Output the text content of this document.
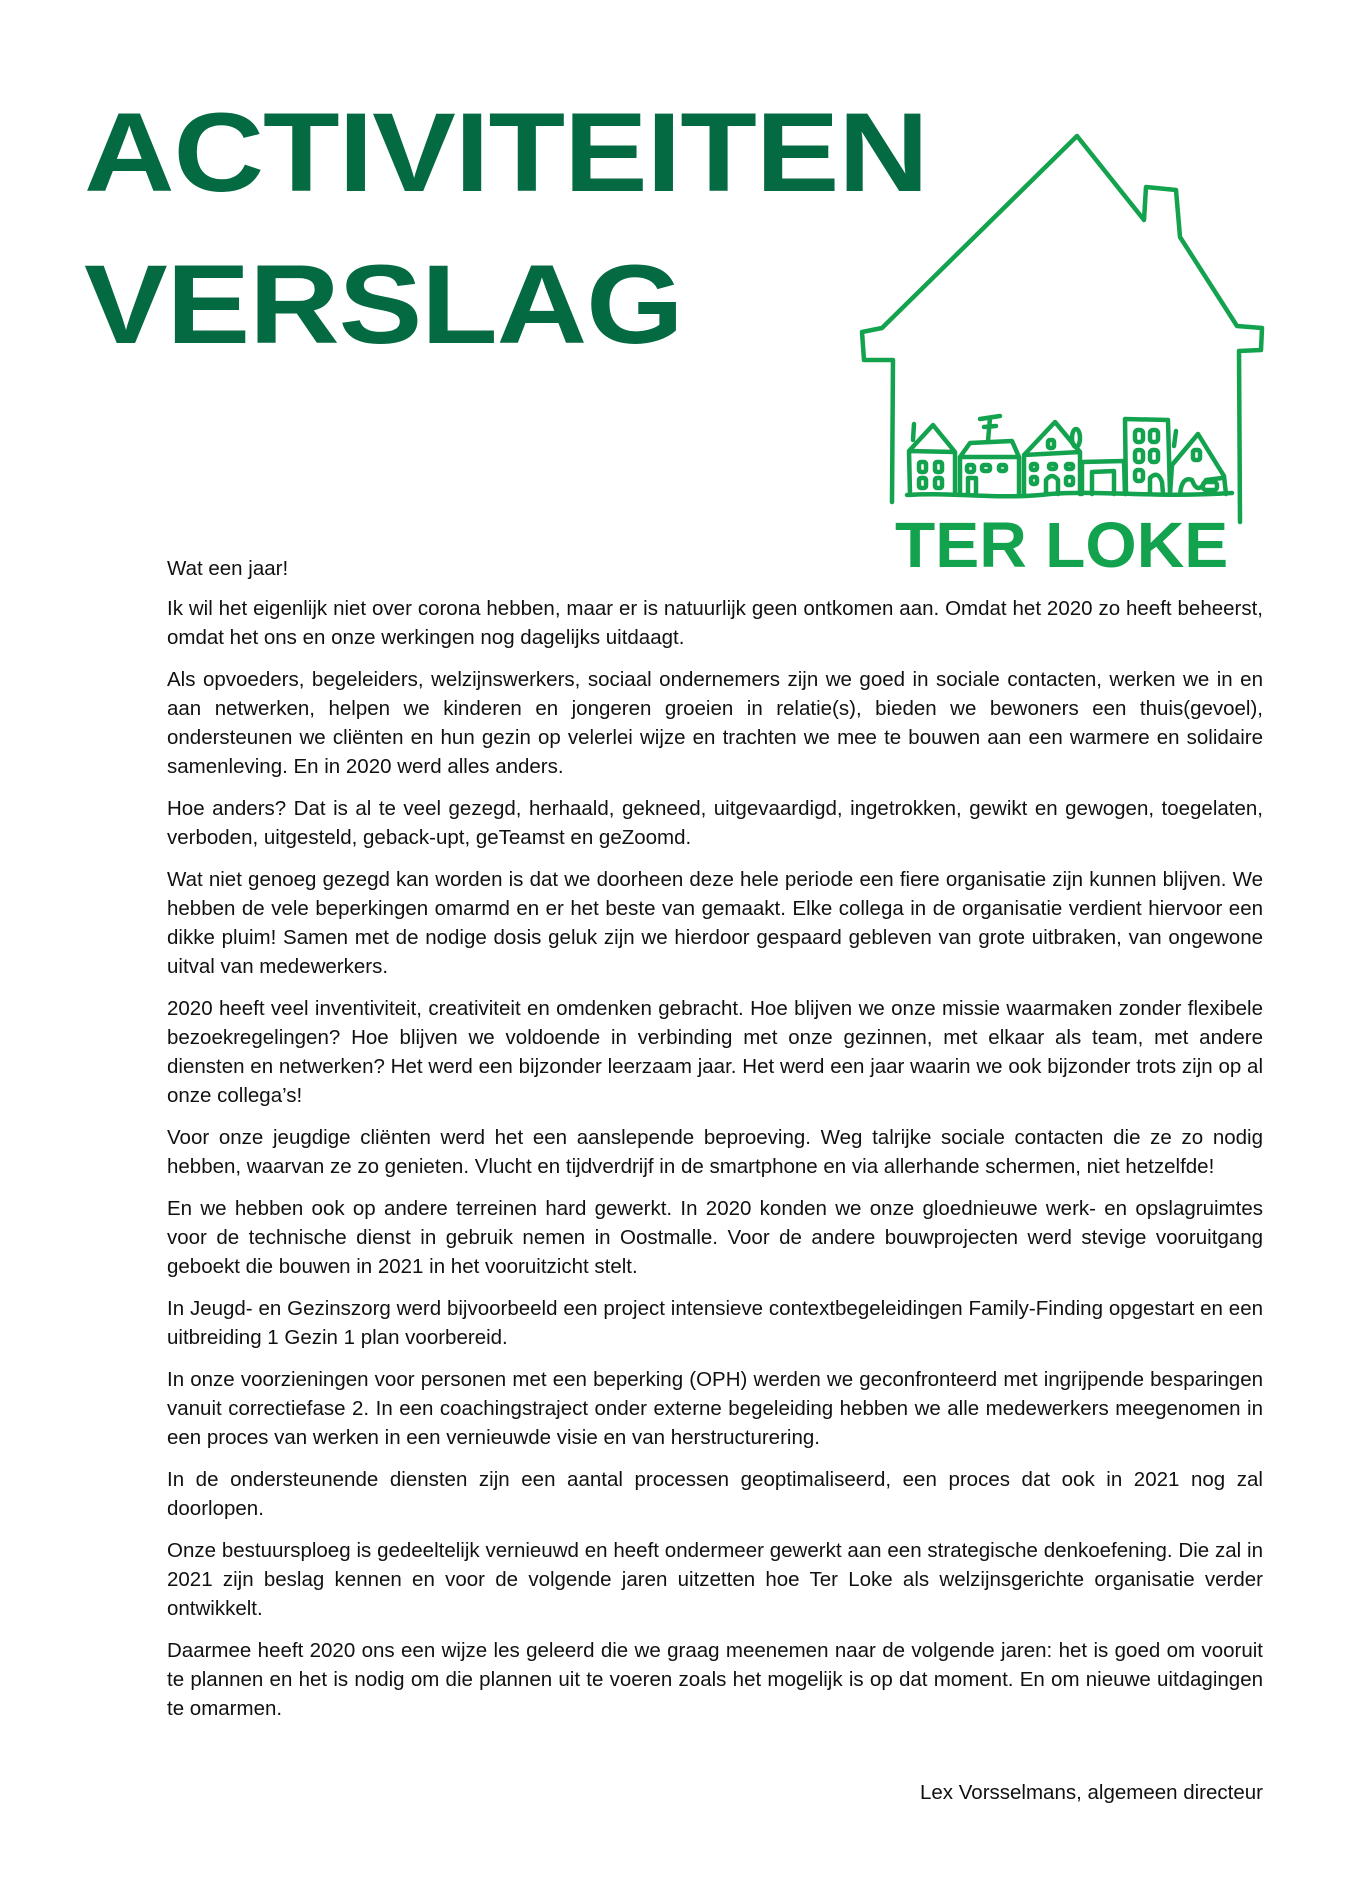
ACTIVITEITEN
VERSLAG
TER LOKE

Wat een jaar!

Ik wil het eigenlijk niet over corona hebben, maar er is natuurlijk geen ontkomen aan. Omdat het 2020 zo heeft beheerst, omdat het ons en onze werkingen nog dagelijks uitdaagt.

Als opvoeders, begeleiders, welzijnswerkers, sociaal ondernemers zijn we goed in sociale contacten, werken we in en aan netwerken, helpen we kinderen en jongeren groeien in relatie(s), bieden we bewoners een thuis(gevoel), ondersteunen we cliënten en hun gezin op velerlei wijze en trachten we mee te bouwen aan een warmere en solidaire samenleving. En in 2020 werd alles anders.

Hoe anders? Dat is al te veel gezegd, herhaald, gekneed, uitgevaardigd, ingetrokken, gewikt en gewogen, toegelaten, verboden, uitgesteld, geback-upt, geTeamst en geZoomd.

Wat niet genoeg gezegd kan worden is dat we doorheen deze hele periode een fiere organisatie zijn kunnen blijven. We hebben de vele beperkingen omarmd en er het beste van gemaakt. Elke collega in de organisatie verdient hiervoor een dikke pluim! Samen met de nodige dosis geluk zijn we hierdoor gespaard gebleven van grote uitbraken, van ongewone uitval van medewerkers.

2020 heeft veel inventiviteit, creativiteit en omdenken gebracht. Hoe blijven we onze missie waarmaken zonder flexibele bezoekregelingen? Hoe blijven we voldoende in verbinding met onze gezinnen, met elkaar als team, met andere diensten en netwerken? Het werd een bijzonder leerzaam jaar. Het werd een jaar waarin we ook bijzonder trots zijn op al onze collega’s!

Voor onze jeugdige cliënten werd het een aanslepende beproeving. Weg talrijke sociale contacten die ze zo nodig hebben, waarvan ze zo genieten. Vlucht en tijdverdrijf in de smartphone en via allerhande schermen, niet hetzelfde!

En we hebben ook op andere terreinen hard gewerkt. In 2020 konden we onze gloednieuwe werk- en opslagruimtes voor de technische dienst in gebruik nemen in Oostmalle. Voor de andere bouwprojecten werd stevige vooruitgang geboekt die bouwen in 2021 in het vooruitzicht stelt.

In Jeugd- en Gezinszorg werd bijvoorbeeld een project intensieve contextbegeleidingen Family-Finding opgestart en een uitbreiding 1 Gezin 1 plan voorbereid.

In onze voorzieningen voor personen met een beperking (OPH) werden we geconfronteerd met ingrijpende besparingen vanuit correctiefase 2. In een coachingstraject onder externe begeleiding hebben we alle medewerkers meegenomen in een proces van werken in een vernieuwde visie en van herstructurering.

In de ondersteunende diensten zijn een aantal processen geoptimaliseerd, een proces dat ook in 2021 nog zal doorlopen.

Onze bestuursploeg is gedeeltelijk vernieuwd en heeft ondermeer gewerkt aan een strategische denkoefening. Die zal in 2021 zijn beslag kennen en voor de volgende jaren uitzetten hoe Ter Loke als welzijnsgerichte organisatie verder ontwikkelt.

Daarmee heeft 2020 ons een wijze les geleerd die we graag meenemen naar de volgende jaren: het is goed om vooruit te plannen en het is nodig om die plannen uit te voeren zoals het mogelijk is op dat moment. En om nieuwe uitdagingen te omarmen.

Lex Vorsselmans, algemeen directeur
